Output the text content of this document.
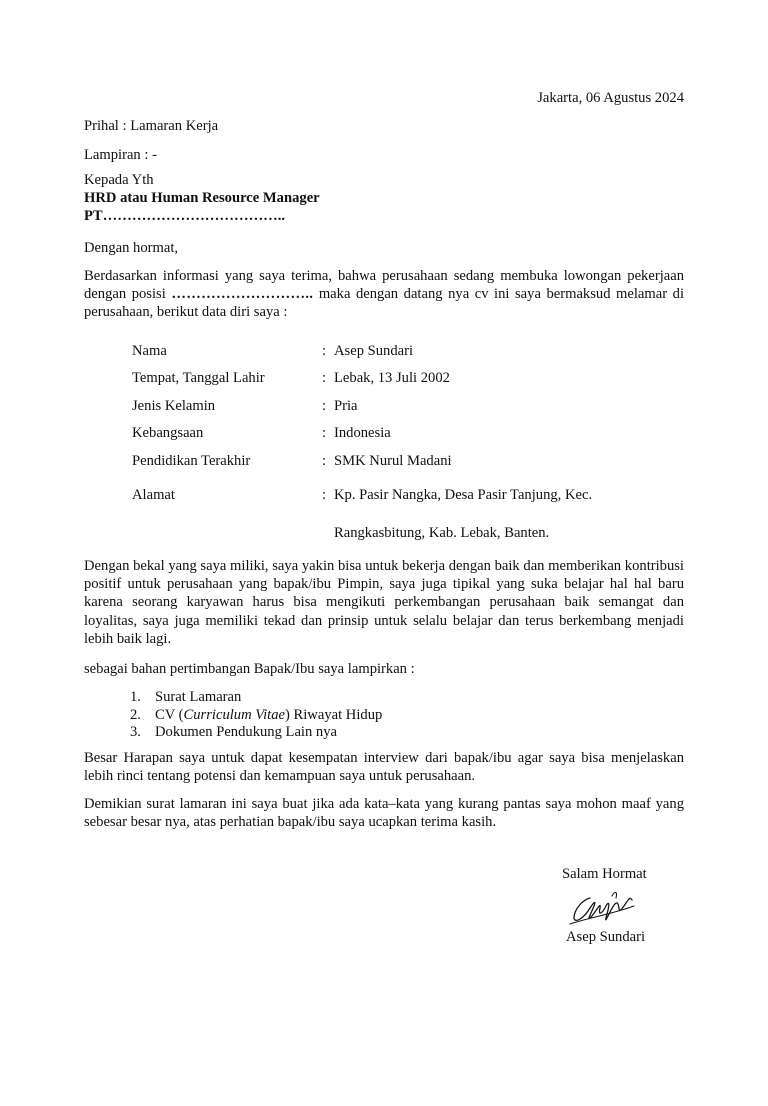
Jakarta, 06 Agustus 2024
Prihal : Lamaran Kerja
Lampiran : -
Kepada Yth
HRD atau Human Resource Manager
PT………………………………..
Dengan hormat,
Berdasarkan informasi yang saya terima, bahwa perusahaan sedang membuka lowongan pekerjaan dengan posisi ……………………….. maka dengan datang nya cv ini saya bermaksud melamar di perusahaan, berikut data diri saya :
Nama	: Asep Sundari
Tempat, Tanggal Lahir	: Lebak, 13 Juli 2002
Jenis Kelamin	: Pria
Kebangsaan	: Indonesia
Pendidikan Terakhir	: SMK Nurul Madani
Alamat	: Kp. Pasir Nangka, Desa Pasir Tanjung, Kec.
Rangkasbitung, Kab. Lebak, Banten.
Dengan bekal yang saya miliki, saya yakin bisa untuk bekerja dengan baik dan memberikan kontribusi positif untuk perusahaan yang bapak/ibu Pimpin, saya juga tipikal yang suka belajar hal hal baru karena seorang karyawan harus bisa mengikuti perkembangan perusahaan baik semangat dan loyalitas, saya juga memiliki tekad dan prinsip untuk selalu belajar dan terus berkembang menjadi lebih baik lagi.
sebagai bahan pertimbangan Bapak/Ibu saya lampirkan :
1. Surat Lamaran
2. CV (Curriculum Vitae) Riwayat Hidup
3. Dokumen Pendukung Lain nya
Besar Harapan saya untuk dapat kesempatan interview dari bapak/ibu agar saya bisa menjelaskan lebih rinci tentang potensi dan kemampuan saya untuk perusahaan.
Demikian surat lamaran ini saya buat jika ada kata–kata yang kurang pantas saya mohon maaf yang sebesar besar nya, atas perhatian bapak/ibu saya ucapkan terima kasih.
Salam Hormat
Asep Sundari
